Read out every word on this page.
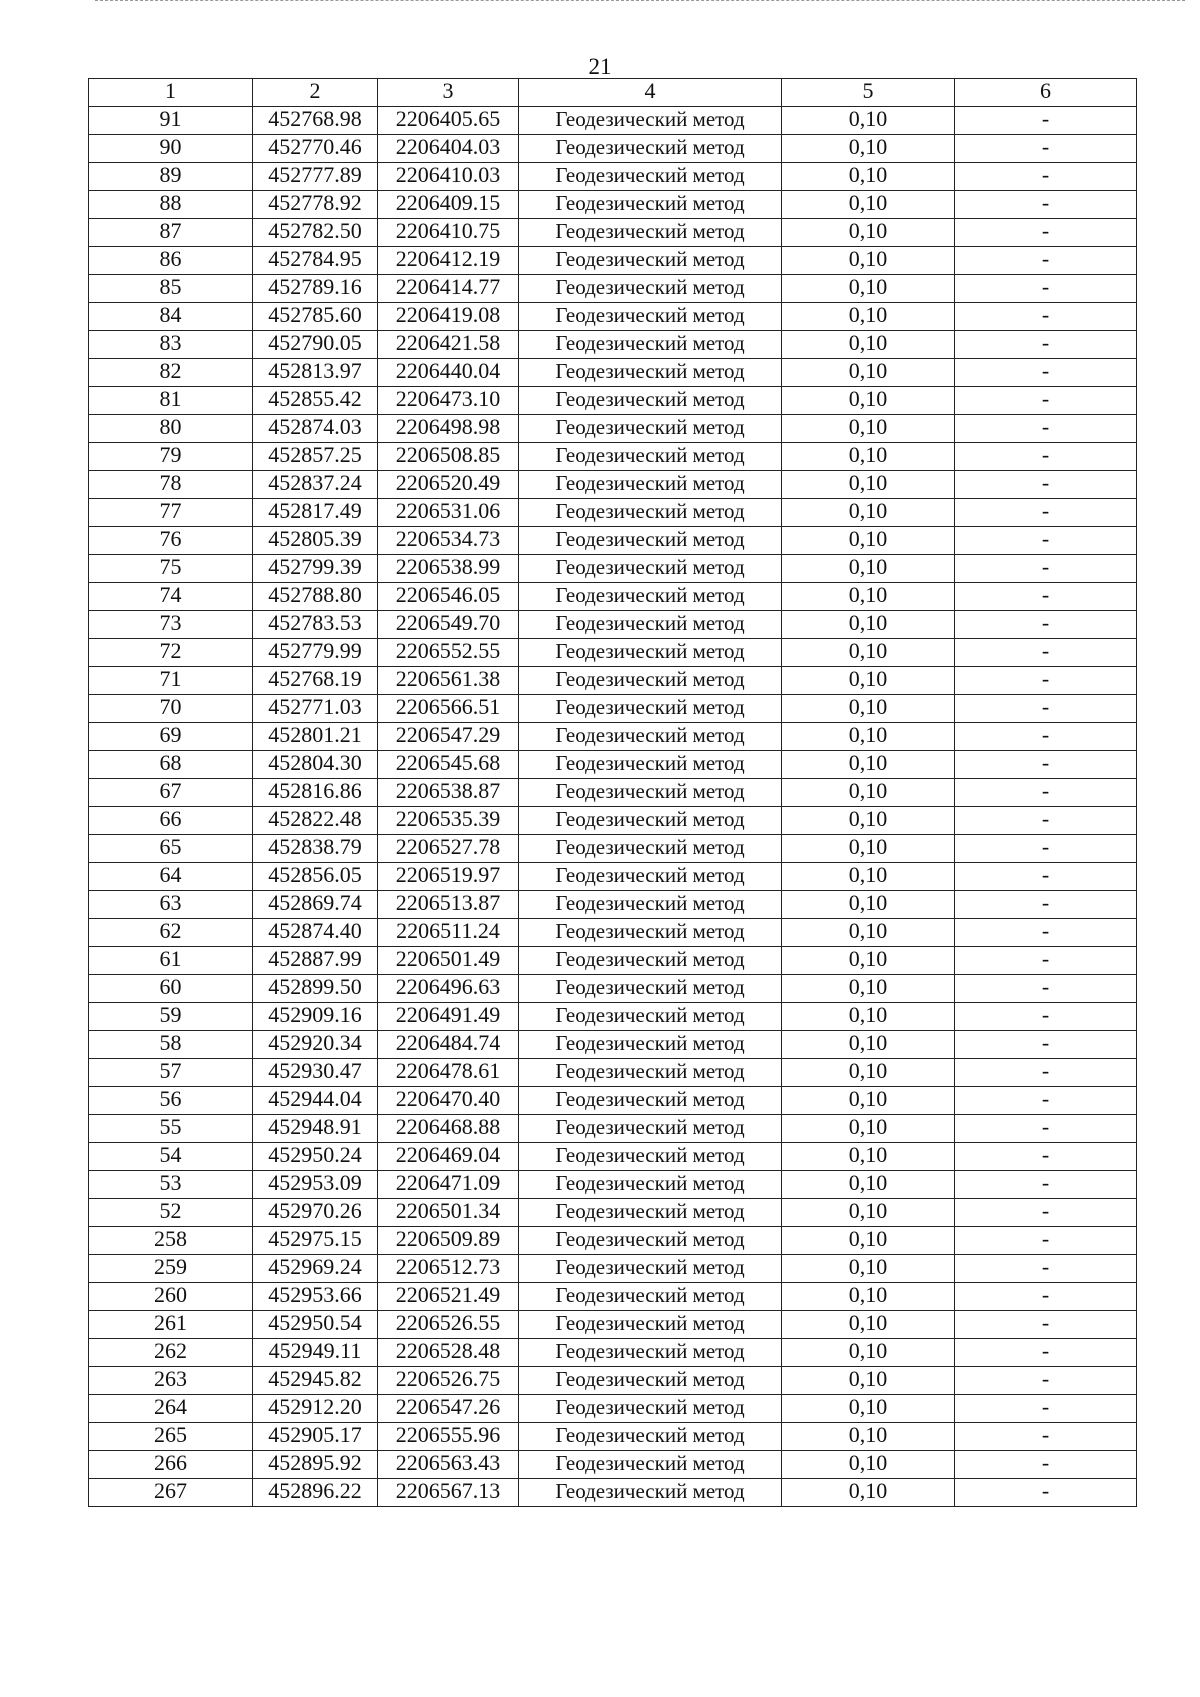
21
1	2	3	4	5	6
91	452768.98	2206405.65	Геодезический метод	0,10	-
90	452770.46	2206404.03	Геодезический метод	0,10	-
89	452777.89	2206410.03	Геодезический метод	0,10	-
88	452778.92	2206409.15	Геодезический метод	0,10	-
87	452782.50	2206410.75	Геодезический метод	0,10	-
86	452784.95	2206412.19	Геодезический метод	0,10	-
85	452789.16	2206414.77	Геодезический метод	0,10	-
84	452785.60	2206419.08	Геодезический метод	0,10	-
83	452790.05	2206421.58	Геодезический метод	0,10	-
82	452813.97	2206440.04	Геодезический метод	0,10	-
81	452855.42	2206473.10	Геодезический метод	0,10	-
80	452874.03	2206498.98	Геодезический метод	0,10	-
79	452857.25	2206508.85	Геодезический метод	0,10	-
78	452837.24	2206520.49	Геодезический метод	0,10	-
77	452817.49	2206531.06	Геодезический метод	0,10	-
76	452805.39	2206534.73	Геодезический метод	0,10	-
75	452799.39	2206538.99	Геодезический метод	0,10	-
74	452788.80	2206546.05	Геодезический метод	0,10	-
73	452783.53	2206549.70	Геодезический метод	0,10	-
72	452779.99	2206552.55	Геодезический метод	0,10	-
71	452768.19	2206561.38	Геодезический метод	0,10	-
70	452771.03	2206566.51	Геодезический метод	0,10	-
69	452801.21	2206547.29	Геодезический метод	0,10	-
68	452804.30	2206545.68	Геодезический метод	0,10	-
67	452816.86	2206538.87	Геодезический метод	0,10	-
66	452822.48	2206535.39	Геодезический метод	0,10	-
65	452838.79	2206527.78	Геодезический метод	0,10	-
64	452856.05	2206519.97	Геодезический метод	0,10	-
63	452869.74	2206513.87	Геодезический метод	0,10	-
62	452874.40	2206511.24	Геодезический метод	0,10	-
61	452887.99	2206501.49	Геодезический метод	0,10	-
60	452899.50	2206496.63	Геодезический метод	0,10	-
59	452909.16	2206491.49	Геодезический метод	0,10	-
58	452920.34	2206484.74	Геодезический метод	0,10	-
57	452930.47	2206478.61	Геодезический метод	0,10	-
56	452944.04	2206470.40	Геодезический метод	0,10	-
55	452948.91	2206468.88	Геодезический метод	0,10	-
54	452950.24	2206469.04	Геодезический метод	0,10	-
53	452953.09	2206471.09	Геодезический метод	0,10	-
52	452970.26	2206501.34	Геодезический метод	0,10	-
258	452975.15	2206509.89	Геодезический метод	0,10	-
259	452969.24	2206512.73	Геодезический метод	0,10	-
260	452953.66	2206521.49	Геодезический метод	0,10	-
261	452950.54	2206526.55	Геодезический метод	0,10	-
262	452949.11	2206528.48	Геодезический метод	0,10	-
263	452945.82	2206526.75	Геодезический метод	0,10	-
264	452912.20	2206547.26	Геодезический метод	0,10	-
265	452905.17	2206555.96	Геодезический метод	0,10	-
266	452895.92	2206563.43	Геодезический метод	0,10	-
267	452896.22	2206567.13	Геодезический метод	0,10	-
